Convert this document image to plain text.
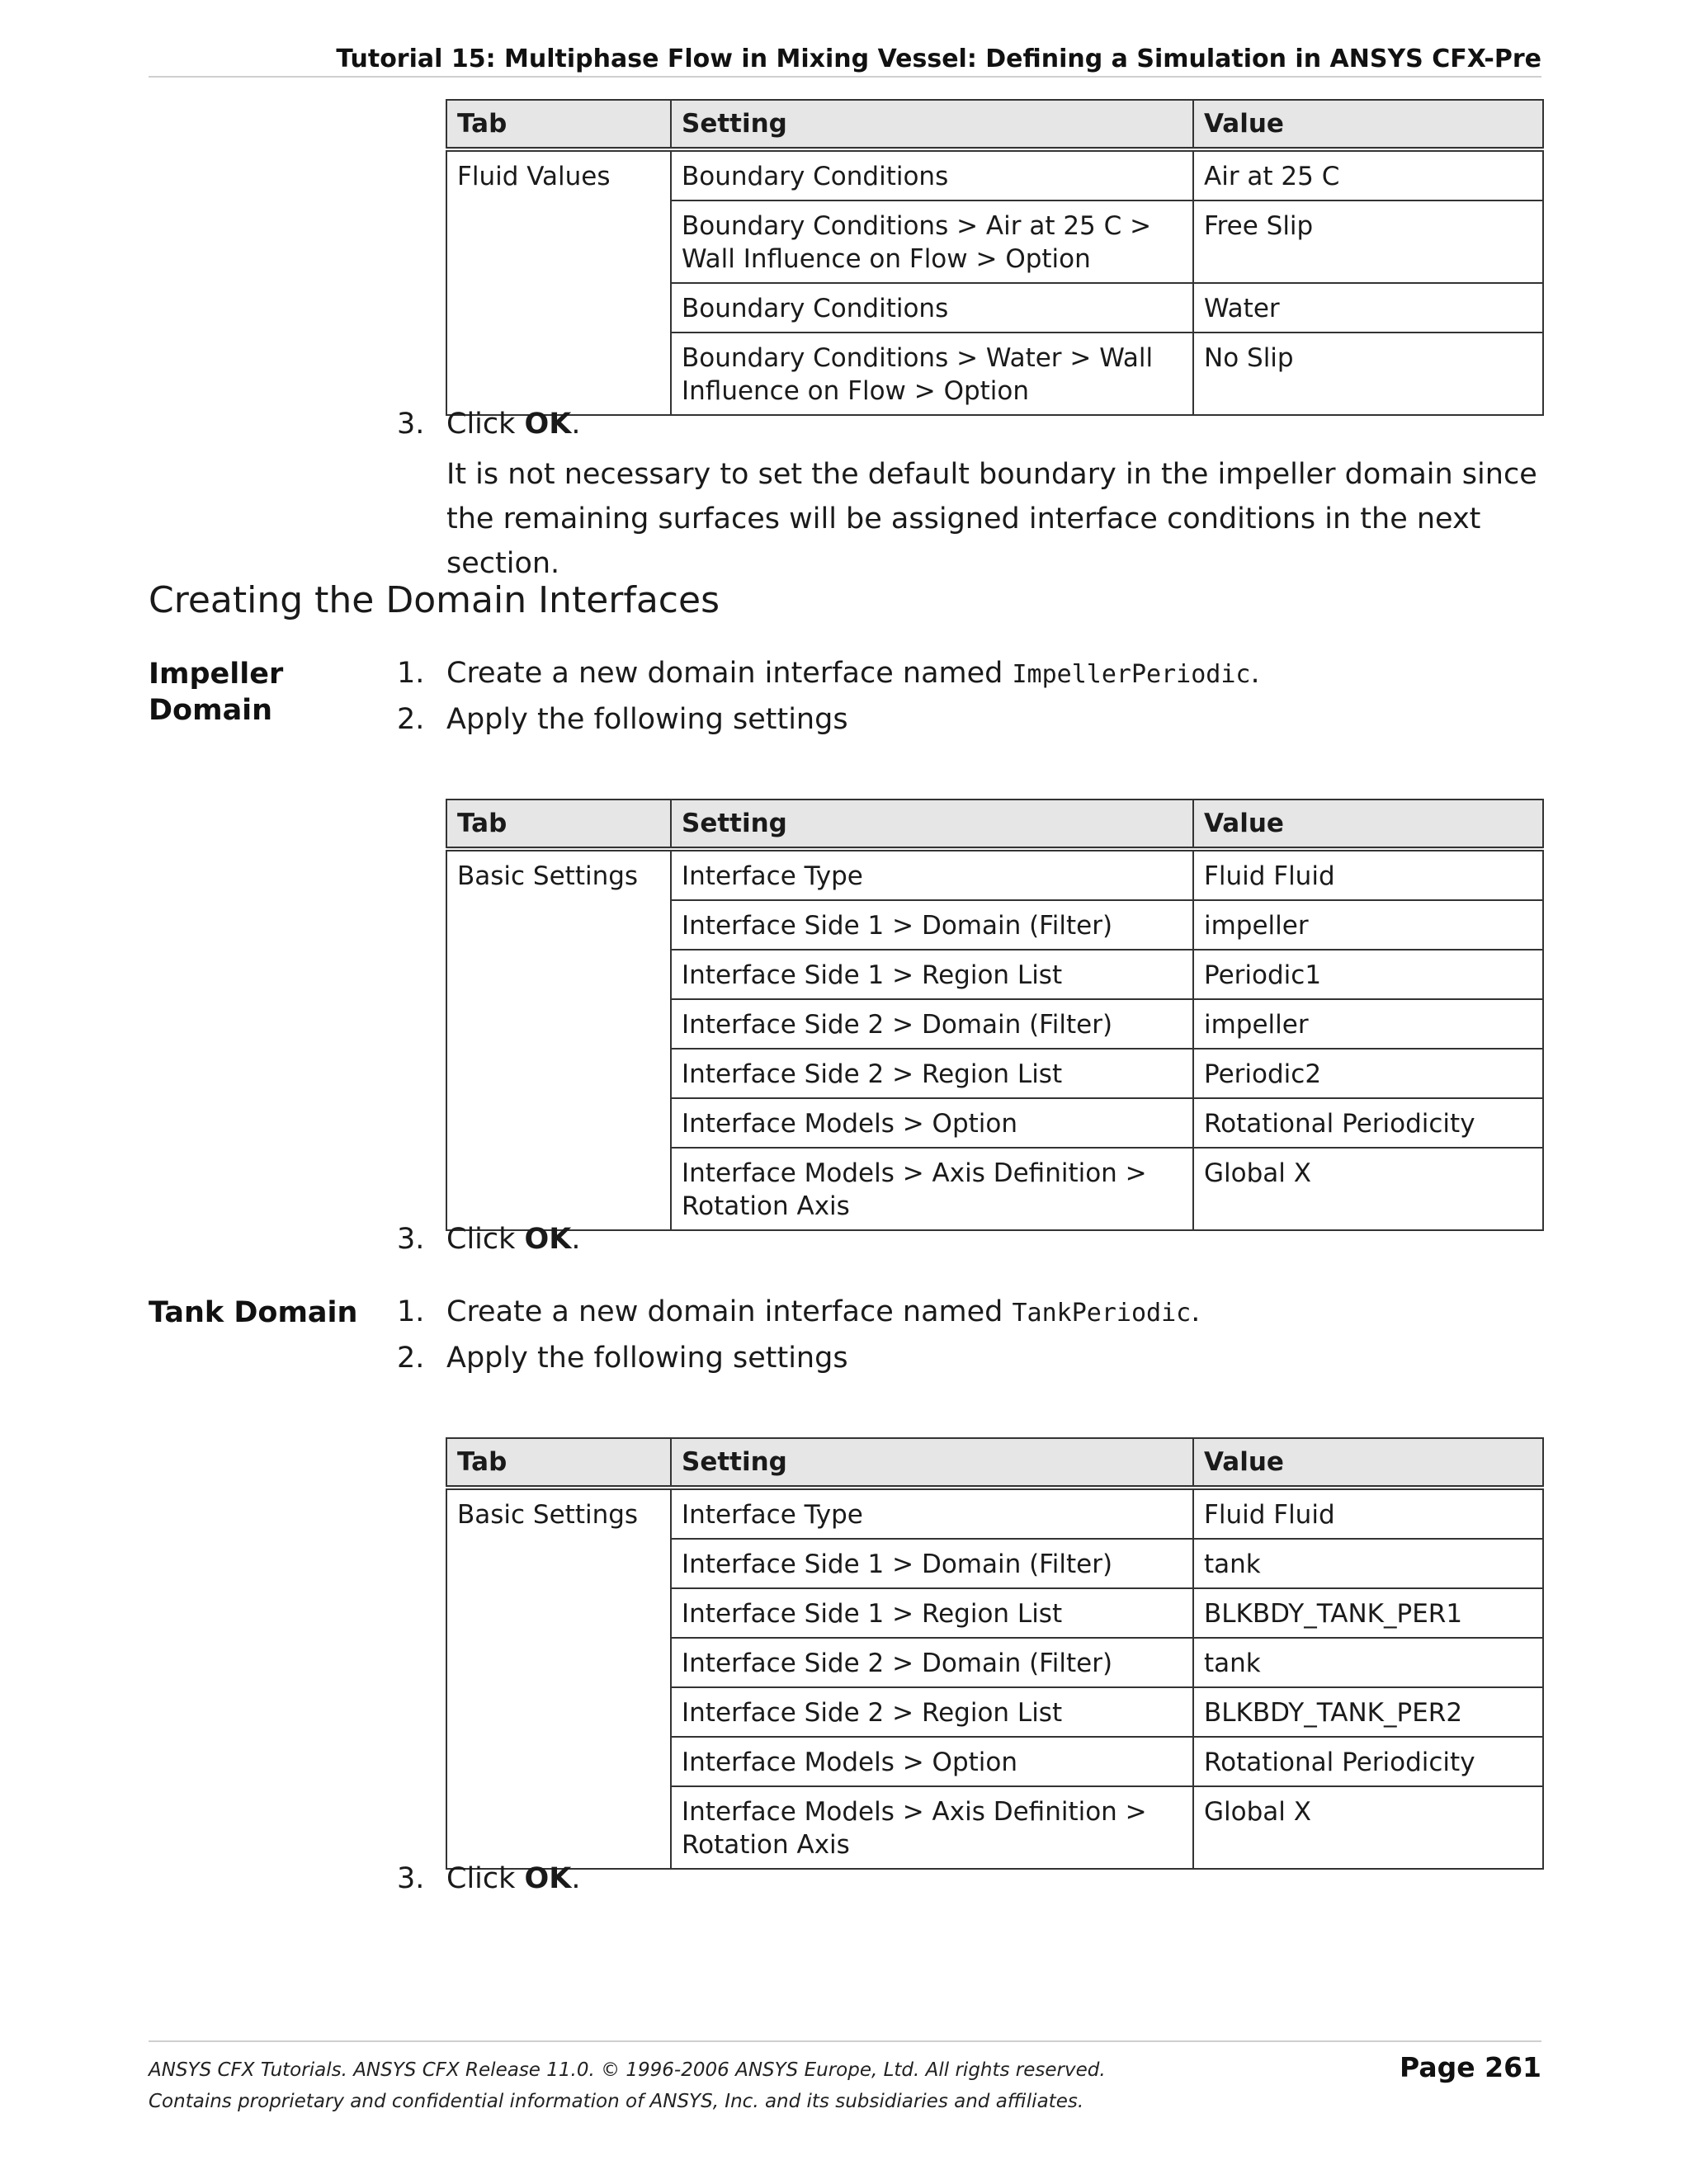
Tutorial 15: Multiphase Flow in Mixing Vessel: Defining a Simulation in ANSYS CFX-Pre
Tab	Setting	Value
Fluid Values	Boundary Conditions	Air at 25 C
	Boundary Conditions > Air at 25 C > Wall Influence on Flow > Option	Free Slip
	Boundary Conditions	Water
	Boundary Conditions > Water > Wall Influence on Flow > Option	No Slip
3. Click OK.
It is not necessary to set the default boundary in the impeller domain since the remaining surfaces will be assigned interface conditions in the next section.
Creating the Domain Interfaces
Impeller
Domain
1. Create a new domain interface named ImpellerPeriodic.
2. Apply the following settings
Tab	Setting	Value
Basic Settings	Interface Type	Fluid Fluid
	Interface Side 1 > Domain (Filter)	impeller
	Interface Side 1 > Region List	Periodic1
	Interface Side 2 > Domain (Filter)	impeller
	Interface Side 2 > Region List	Periodic2
	Interface Models > Option	Rotational Periodicity
	Interface Models > Axis Definition > Rotation Axis	Global X
3. Click OK.
Tank Domain 1. Create a new domain interface named TankPeriodic.
2. Apply the following settings
Tab	Setting	Value
Basic Settings	Interface Type	Fluid Fluid
	Interface Side 1 > Domain (Filter)	tank
	Interface Side 1 > Region List	BLKBDY_TANK_PER1
	Interface Side 2 > Domain (Filter)	tank
	Interface Side 2 > Region List	BLKBDY_TANK_PER2
	Interface Models > Option	Rotational Periodicity
	Interface Models > Axis Definition > Rotation Axis	Global X
3. Click OK.
ANSYS CFX Tutorials. ANSYS CFX Release 11.0. © 1996-2006 ANSYS Europe, Ltd. All rights reserved.
Contains proprietary and confidential information of ANSYS, Inc. and its subsidiaries and affiliates.
Page 261
